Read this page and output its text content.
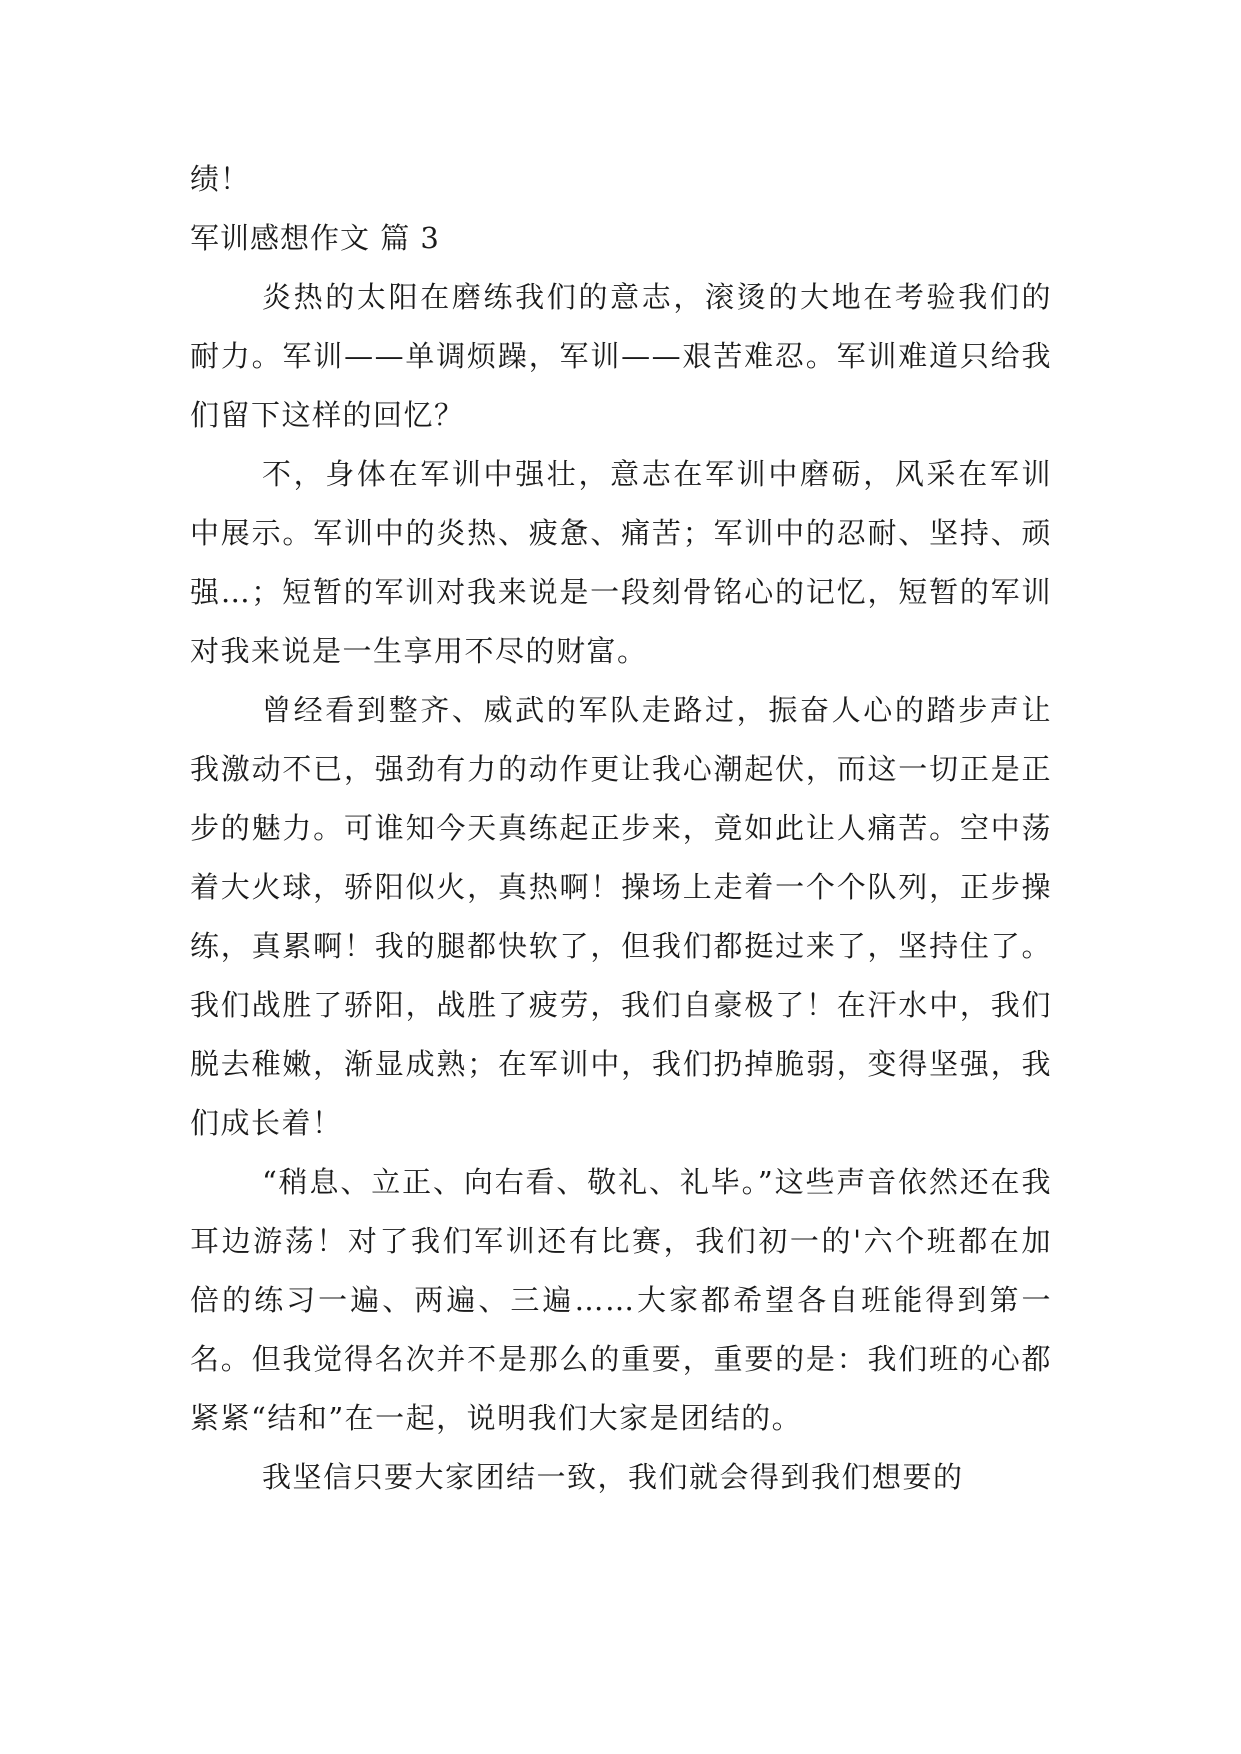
绩！
军训感想作文 篇 3

炎热的太阳在磨练我们的意志，滚烫的大地在考验我们的耐力。军训——单调烦躁，军训——艰苦难忍。军训难道只给我们留下这样的回忆？

不，身体在军训中强壮，意志在军训中磨砺，风采在军训中展示。军训中的炎热、疲惫、痛苦；军训中的忍耐、坚持、顽强…；短暂的军训对我来说是一段刻骨铭心的记忆，短暂的军训对我来说是一生享用不尽的财富。

曾经看到整齐、威武的军队走路过，振奋人心的踏步声让我激动不已，强劲有力的动作更让我心潮起伏，而这一切正是正步的魅力。可谁知今天真练起正步来，竟如此让人痛苦。空中荡着大火球，骄阳似火，真热啊！操场上走着一个个队列，正步操练，真累啊！我的腿都快软了，但我们都挺过来了，坚持住了。我们战胜了骄阳，战胜了疲劳，我们自豪极了！在汗水中，我们脱去稚嫩，渐显成熟；在军训中，我们扔掉脆弱，变得坚强，我们成长着！

“稍息、立正、向右看、敬礼、礼毕。”这些声音依然还在我耳边游荡！对了我们军训还有比赛，我们初一的'六个班都在加倍的练习一遍、两遍、三遍……大家都希望各自班能得到第一名。但我觉得名次并不是那么的重要，重要的是：我们班的心都紧紧“结和”在一起，说明我们大家是团结的。

我坚信只要大家团结一致，我们就会得到我们想要的
